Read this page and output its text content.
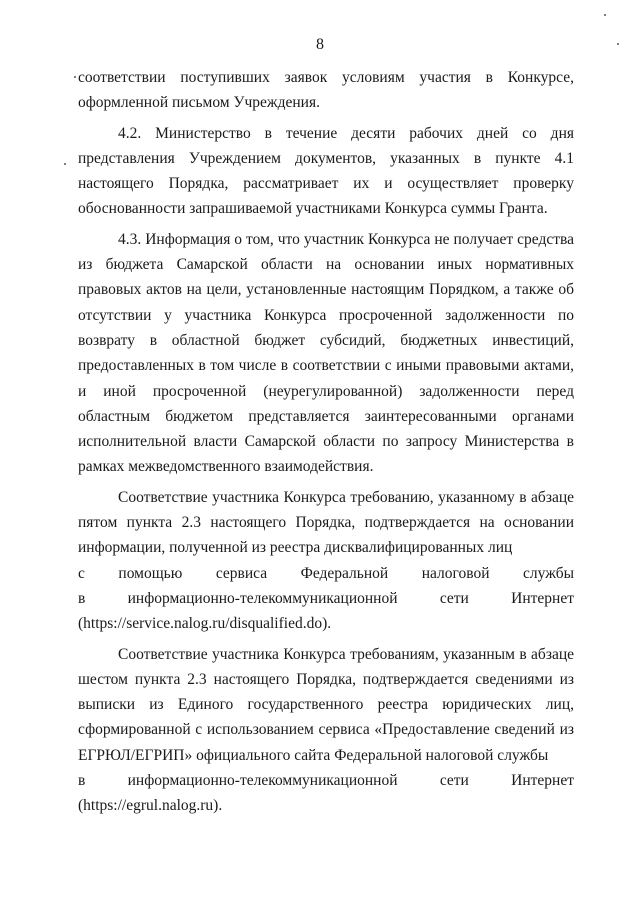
8

соответствии поступивших заявок условиям участия в Конкурсе, оформленной письмом Учреждения.

4.2. Министерство в течение десяти рабочих дней со дня представления Учреждением документов, указанных в пункте 4.1 настоящего Порядка, рассматривает их и осуществляет проверку обоснованности запрашиваемой участниками Конкурса суммы Гранта.

4.3. Информация о том, что участник Конкурса не получает средства из бюджета Самарской области на основании иных нормативных правовых актов на цели, установленные настоящим Порядком, а также об отсутствии у участника Конкурса просроченной задолженности по возврату в областной бюджет субсидий, бюджетных инвестиций, предоставленных в том числе в соответствии с иными правовыми актами, и иной просроченной (неурегулированной) задолженности перед областным бюджетом представляется заинтересованными органами исполнительной власти Самарской области по запросу Министерства в рамках межведомственного взаимодействия.

Соответствие участника Конкурса требованию, указанному в абзаце пятом пункта 2.3 настоящего Порядка, подтверждается на основании информации, полученной из реестра дисквалифицированных лиц

с помощью сервиса Федеральной налоговой службы
в	информационно-телекоммуникационной	сети	Интернет

(https://service.nalog.ru/disqualified.do).

Соответствие участника Конкурса требованиям, указанным в абзаце шестом пункта 2.3 настоящего Порядка, подтверждается сведениями из выписки из Единого государственного реестра юридических лиц, сформированной с использованием сервиса «Предоставление сведений из ЕГРЮЛ/ЕГРИП» официального сайта Федеральной налоговой службы

в	информационно-телекоммуникационной	сети	Интернет

(https://egrul.nalog.ru).
